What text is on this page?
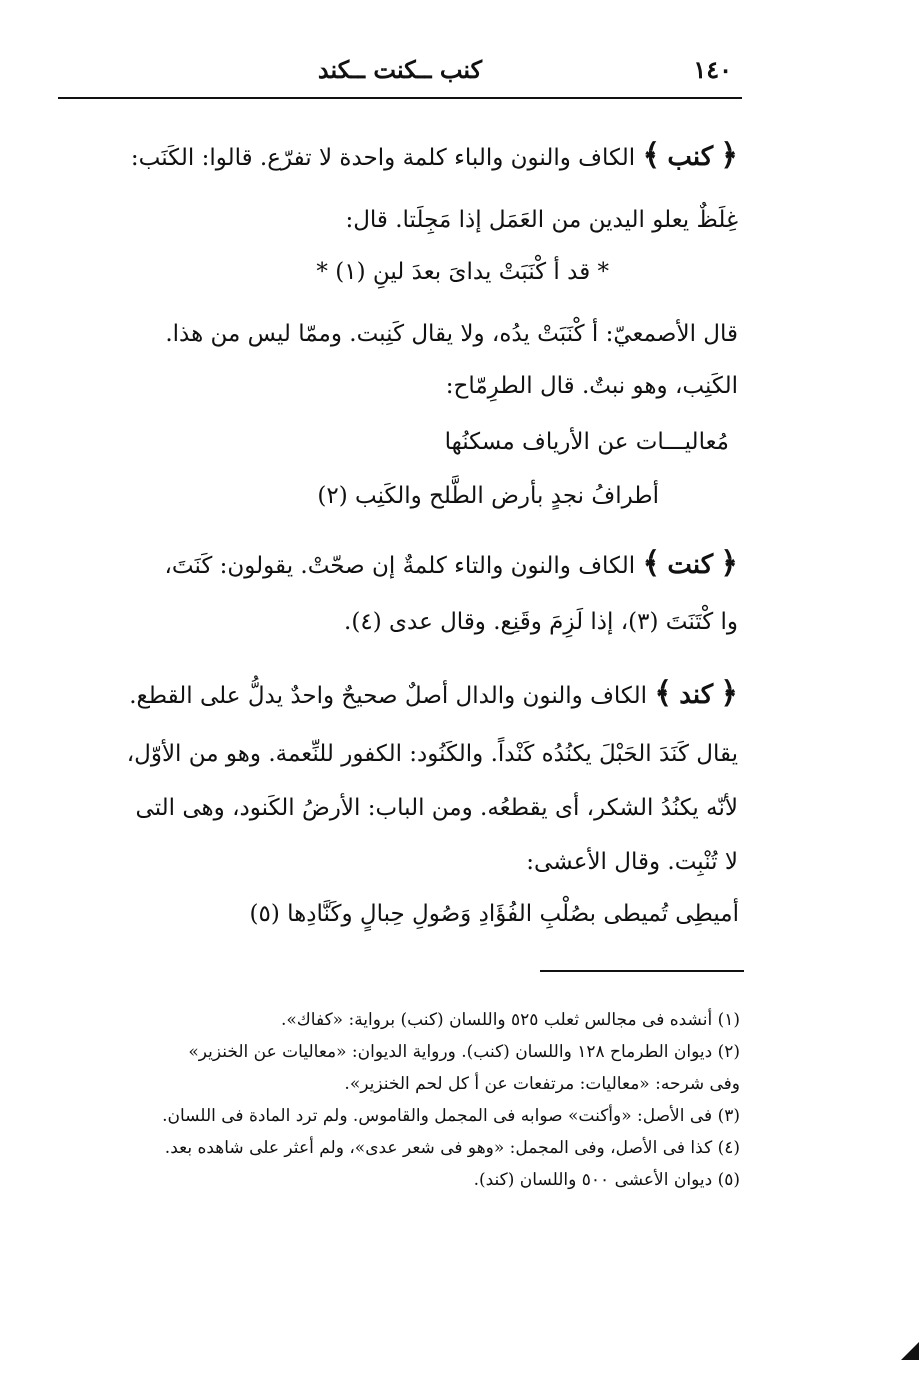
١٤٠
كنب ــكنت ــكند
﴿ كنب ﴾ الكاف والنون والباء كلمة واحدة لا تفرّع. قالوا: الكَنَب:
غِلَظٌ يعلو اليدين من العَمَل إذا مَجِلَتا. قال:
* قد أ كْنَبَتْ يداىَ بعدَ لينِ (١) *
قال الأصمعيّ: أ كْنَبَتْ يدُه، ولا يقال كَنِبت. وممّا ليس من هذا.
الكَنِب، وهو نبتٌ. قال الطرِمّاح:
مُعاليـــات عن الأرياف مسكنُها
أطرافُ نجدٍ بأرض الطَّلح والكَنِب (٢)
﴿ كنت ﴾ الكاف والنون والتاء كلمةٌ إن صحّتْ. يقولون: كَنَتَ،
وا كْتَنَتَ (٣)، إذا لَزِمَ وقَنِع. وقال عدى (٤).
﴿ كند ﴾ الكاف والنون والدال أصلٌ صحيحٌ واحدٌ يدلُّ على القطع.
يقال كَنَدَ الحَبْلَ يكنُدُه كَنْداً. والكَنُود: الكفور للنِّعمة. وهو من الأوّل،
لأنّه يكنُدُ الشكر، أى يقطعُه. ومن الباب: الأرضُ الكَنود، وهى التى
لا تُنْبِت. وقال الأعشى:
أميطِى تُميطى بصُلْبِ الفُؤَادِ وَصُولِ حِبالٍ وكَنَّادِها (٥)
(١) أنشده فى مجالس ثعلب ٥٢٥ واللسان (كنب) برواية: «كفاك».
(٢) ديوان الطرماح ١٢٨ واللسان (كنب). ورواية الديوان: «معاليات عن الخنزير»
وفى شرحه: «معاليات: مرتفعات عن أ كل لحم الخنزير».
(٣) فى الأصل: «وأكنت» صوابه فى المجمل والقاموس. ولم ترد المادة فى اللسان.
(٤) كذا فى الأصل، وفى المجمل: «وهو فى شعر عدى»، ولم أعثر على شاهده بعد.
(٥) ديوان الأعشى ٥٠٠ واللسان (كند).
